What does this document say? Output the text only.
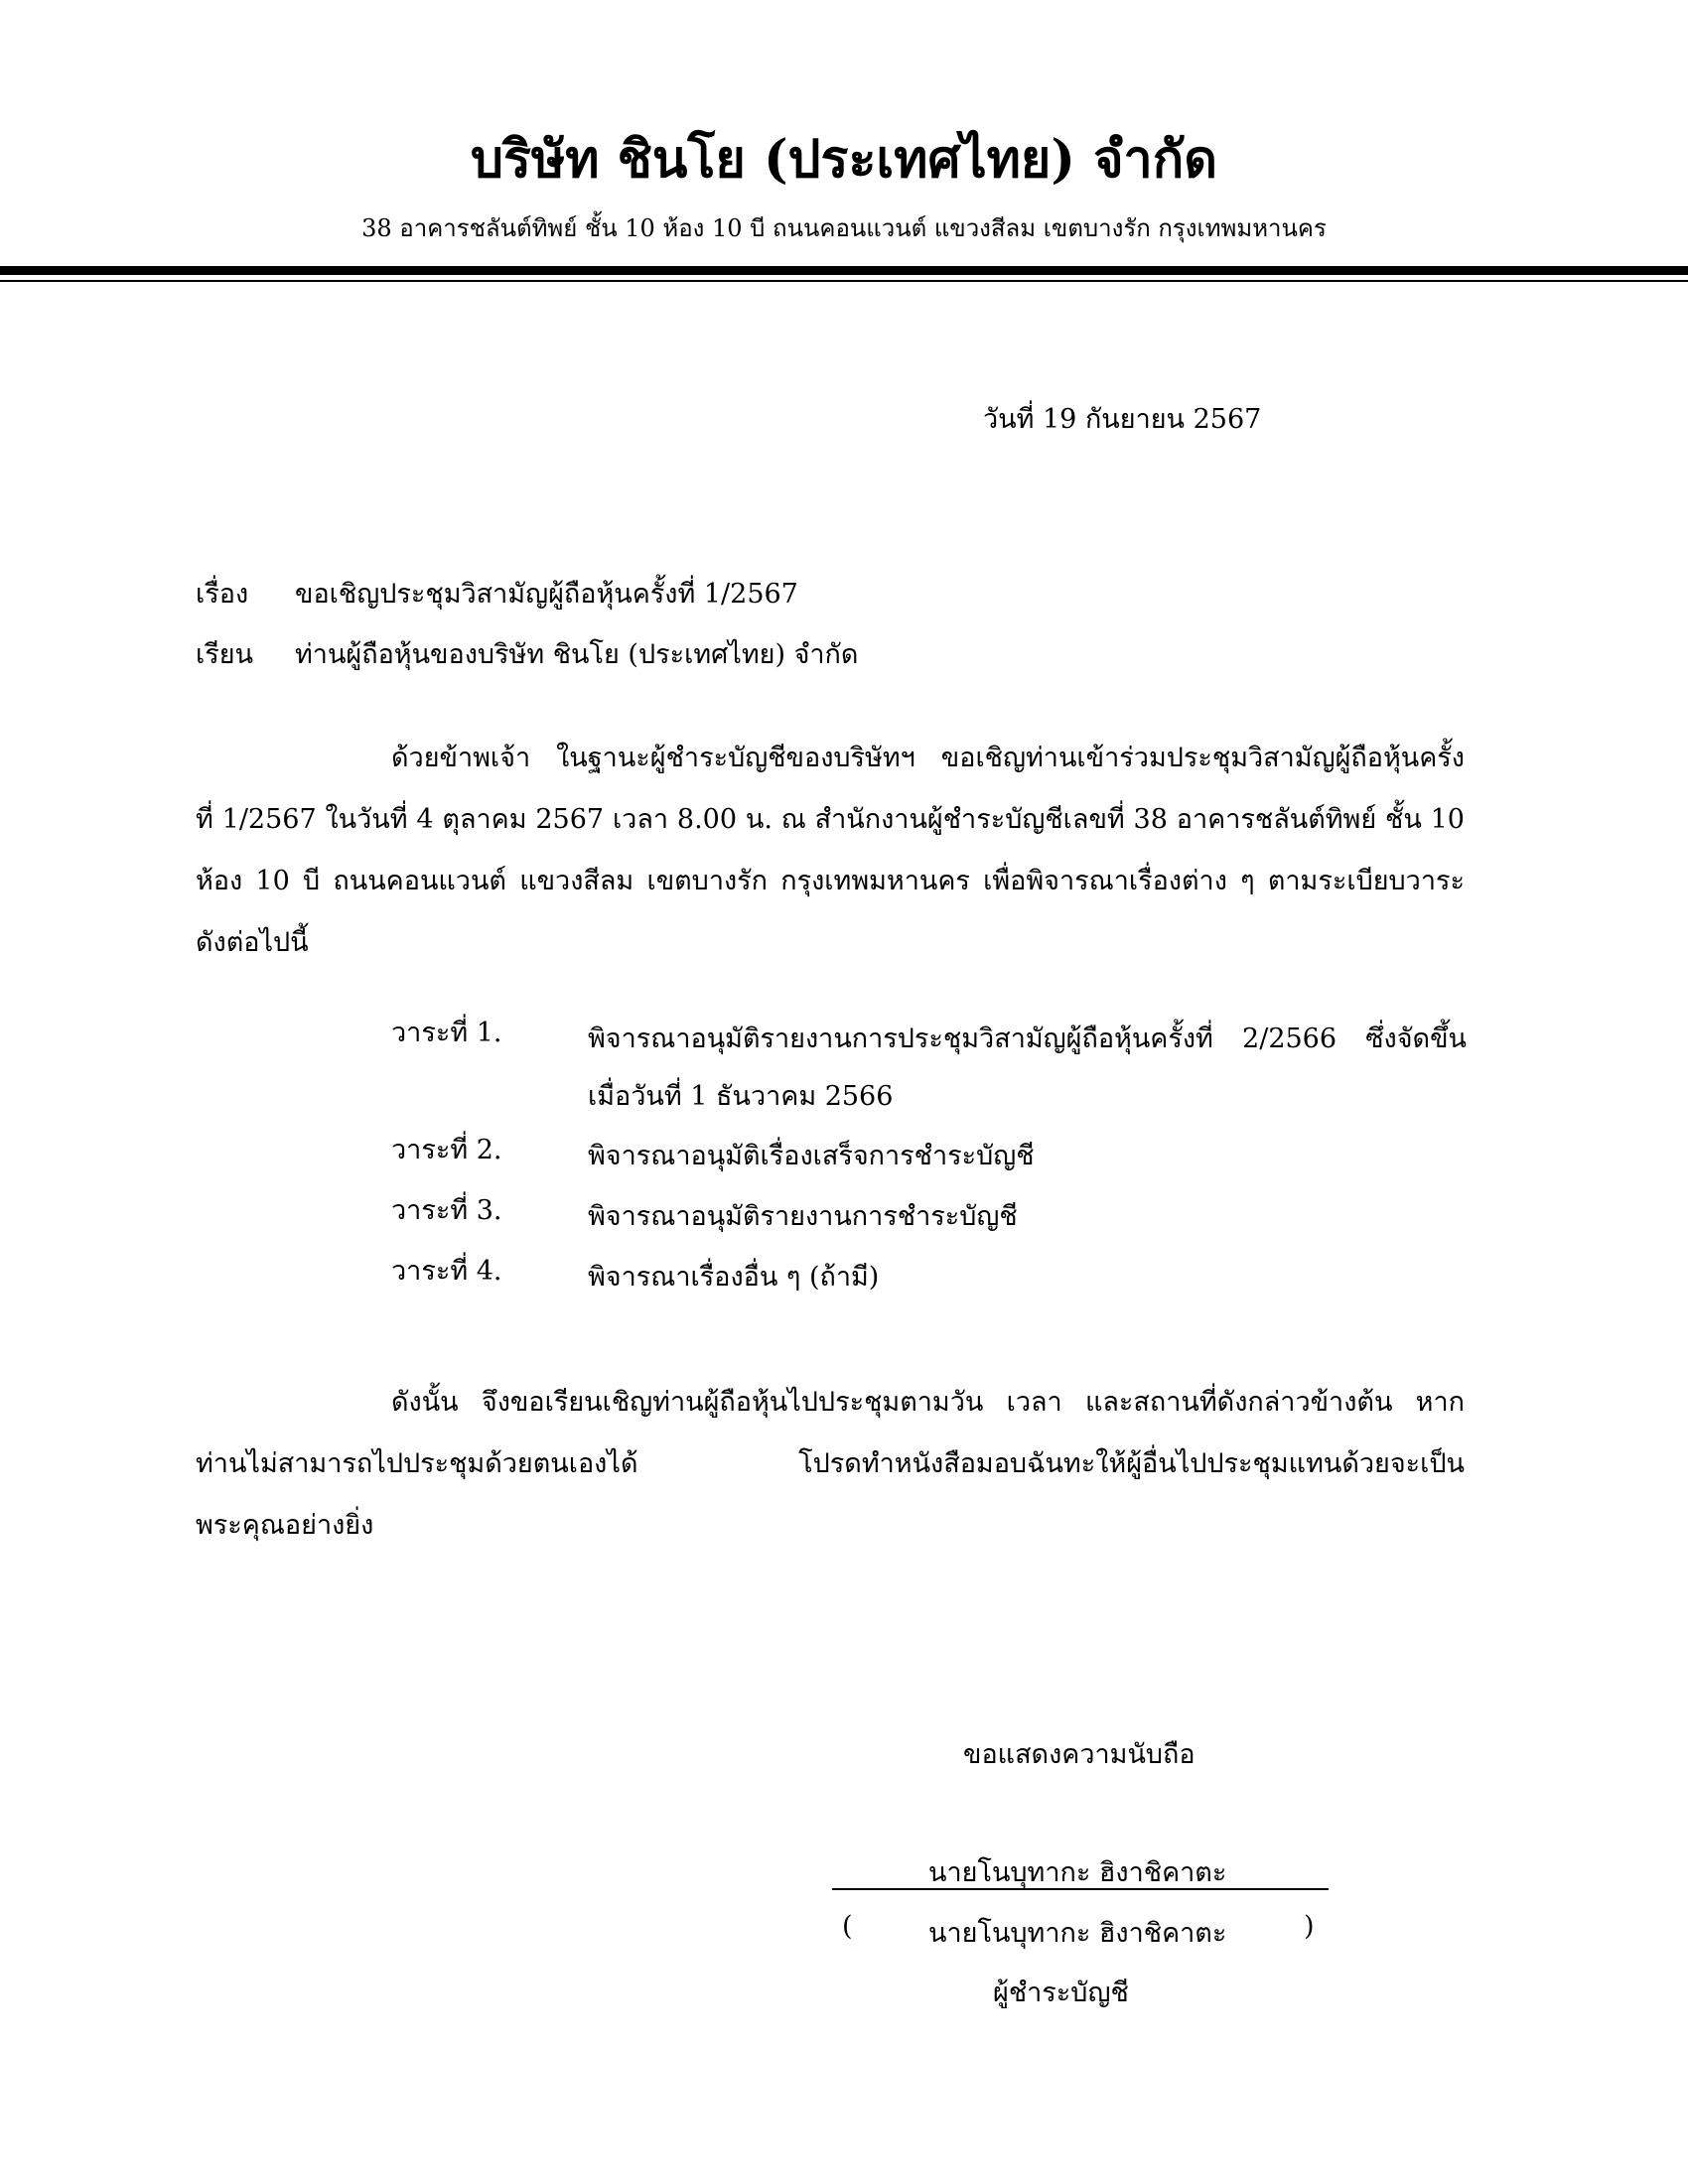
บริษัท ชินโย (ประเทศไทย) จำกัด
38 อาคารชลันต์ทิพย์ ชั้น 10 ห้อง 10 บี ถนนคอนแวนต์ แขวงสีลม เขตบางรัก กรุงเทพมหานคร
วันที่ 19 กันยายน 2567
เรื่อง ขอเชิญประชุมวิสามัญผู้ถือหุ้นครั้งที่ 1/2567
เรียน ท่านผู้ถือหุ้นของบริษัท ชินโย (ประเทศไทย) จำกัด
ด้วยข้าพเจ้า ในฐานะผู้ชำระบัญชีของบริษัทฯ ขอเชิญท่านเข้าร่วมประชุมวิสามัญผู้ถือหุ้นครั้ง
ที่ 1/2567 ในวันที่ 4 ตุลาคม 2567 เวลา 8.00 น. ณ สำนักงานผู้ชำระบัญชีเลขที่ 38 อาคารชลันต์ทิพย์ ชั้น 10
ห้อง 10 บี ถนนคอนแวนต์ แขวงสีลม เขตบางรัก กรุงเทพมหานคร เพื่อพิจารณาเรื่องต่าง ๆ ตามระเบียบวาระ
ดังต่อไปนี้
วาระที่ 1.	พิจารณาอนุมัติรายงานการประชุมวิสามัญผู้ถือหุ้นครั้งที่ 2/2566 ซึ่งจัดขึ้น
เมื่อวันที่ 1 ธันวาคม 2566
วาระที่ 2.	พิจารณาอนุมัติเรื่องเสร็จการชำระบัญชี
วาระที่ 3.	พิจารณาอนุมัติรายงานการชำระบัญชี
วาระที่ 4.	พิจารณาเรื่องอื่น ๆ (ถ้ามี)
ดังนั้น จึงขอเรียนเชิญท่านผู้ถือหุ้นไปประชุมตามวัน เวลา และสถานที่ดังกล่าวข้างต้น หาก
ท่านไม่สามารถไปประชุมด้วยตนเองได้ โปรดทำหนังสือมอบฉันทะให้ผู้อื่นไปประชุมแทนด้วยจะเป็น
พระคุณอย่างยิ่ง
ขอแสดงความนับถือ
นายโนบุทากะ ฮิงาชิคาตะ
(	นายโนบุทากะ ฮิงาชิคาตะ	)
ผู้ชำระบัญชี
